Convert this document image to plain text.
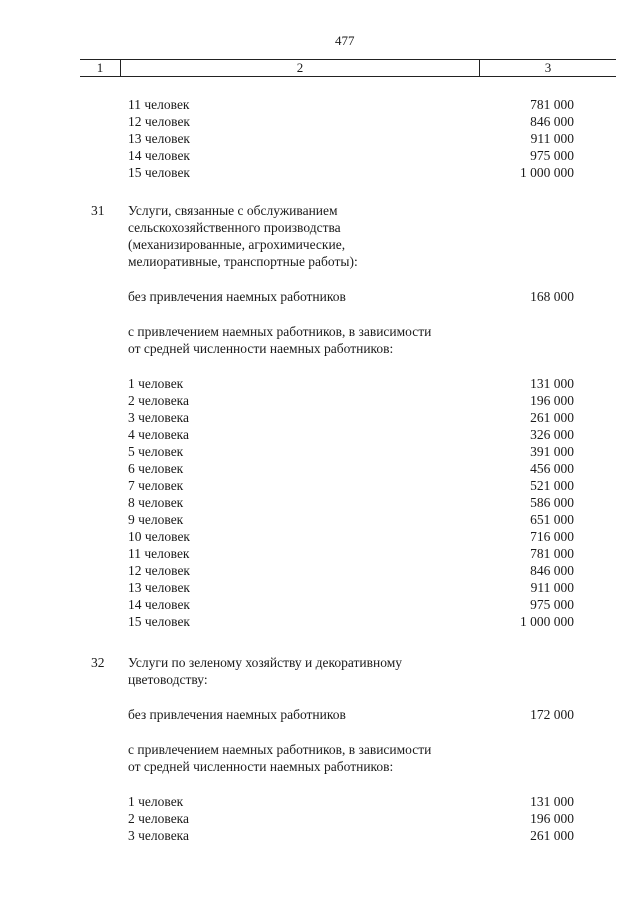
477
1	2	3
11 человек	781 000
12 человек	846 000
13 человек	911 000
14 человек	975 000
15 человек	1 000 000
31 Услуги, связанные с обслуживанием
сельскохозяйственного производства
(механизированные, агрохимические,
мелиоративные, транспортные работы):
без привлечения наемных работников	168 000
с привлечением наемных работников, в зависимости
от средней численности наемных работников:
1 человек	131 000
2 человека	196 000
3 человека	261 000
4 человека	326 000
5 человек	391 000
6 человек	456 000
7 человек	521 000
8 человек	586 000
9 человек	651 000
10 человек	716 000
11 человек	781 000
12 человек	846 000
13 человек	911 000
14 человек	975 000
15 человек	1 000 000
32 Услуги по зеленому хозяйству и декоративному
цветоводству:
без привлечения наемных работников	172 000
с привлечением наемных работников, в зависимости
от средней численности наемных работников:
1 человек	131 000
2 человека	196 000
3 человека	261 000
